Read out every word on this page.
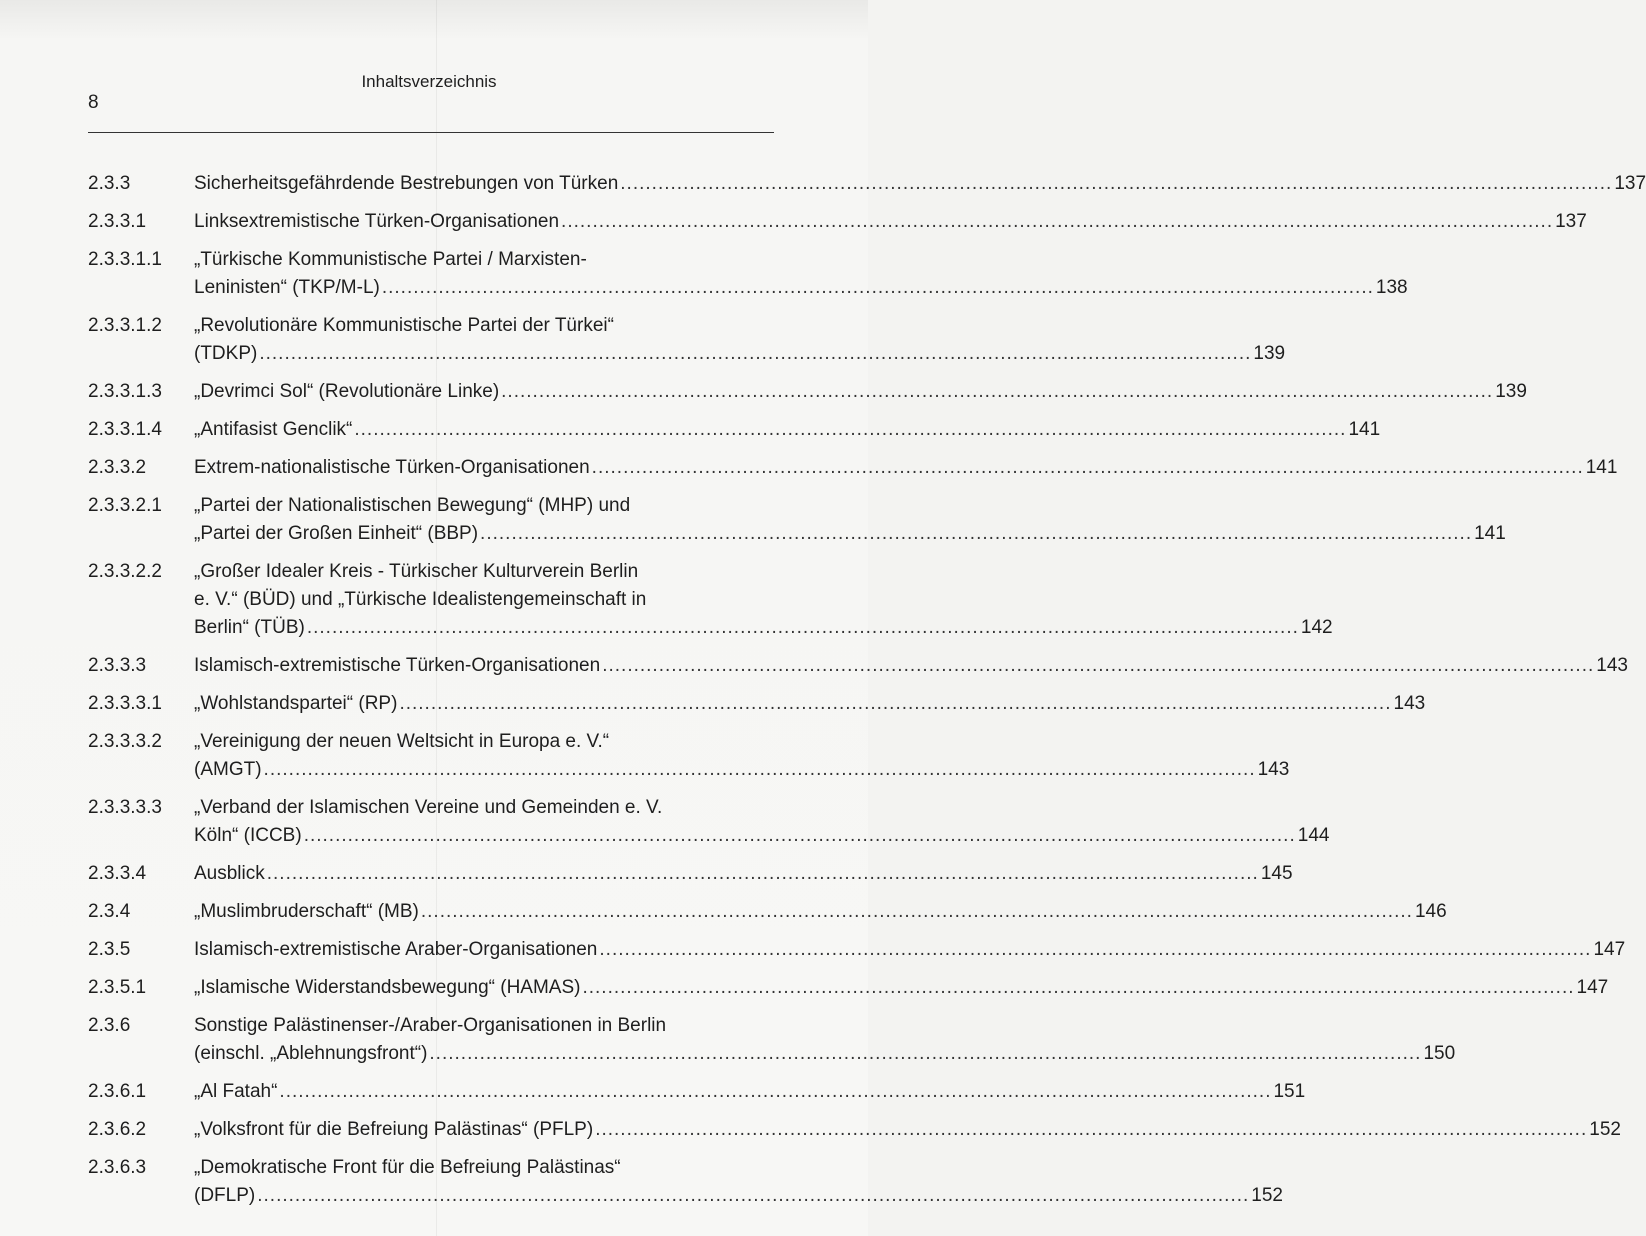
8
Inhaltsverzeichnis
2.3.3	Sicherheitsgefährdende Bestrebungen von Türken .....	137
2.3.3.1	Linksextremistische Türken-Organisationen .....	137
2.3.3.1.1	„Türkische Kommunistische Partei / Marxisten-
Leninisten“ (TKP/M-L) .....	138
2.3.3.1.2	„Revolutionäre Kommunistische Partei der Türkei“
(TDKP) .....	139
2.3.3.1.3	„Devrimci Sol“ (Revolutionäre Linke) .....	139
2.3.3.1.4	„Antifasist Genclik“ .....	141
2.3.3.2	Extrem-nationalistische Türken-Organisationen .....	141
2.3.3.2.1	„Partei der Nationalistischen Bewegung“ (MHP) und
„Partei der Großen Einheit“ (BBP) .....	141
2.3.3.2.2	„Großer Idealer Kreis - Türkischer Kulturverein Berlin
e. V.“ (BÜD) und „Türkische Idealistengemeinschaft in
Berlin“ (TÜB) .....	142
2.3.3.3	Islamisch-extremistische Türken-Organisationen .....	143
2.3.3.3.1	„Wohlstandspartei“ (RP) .....	143
2.3.3.3.2	„Vereinigung der neuen Weltsicht in Europa e. V.“
(AMGT) .....	143
2.3.3.3.3	„Verband der Islamischen Vereine und Gemeinden e. V.
Köln“ (ICCB) .....	144
2.3.3.4	Ausblick .....	145
2.3.4	„Muslimbruderschaft“ (MB) .....	146
2.3.5	Islamisch-extremistische Araber-Organisationen .....	147
2.3.5.1	„Islamische Widerstandsbewegung“ (HAMAS) .....	147
2.3.6	Sonstige Palästinenser-/Araber-Organisationen in Berlin
(einschl. „Ablehnungsfront“) .....	150
2.3.6.1	„Al Fatah“ .....	151
2.3.6.2	„Volksfront für die Befreiung Palästinas“ (PFLP) .....	152
2.3.6.3	„Demokratische Front für die Befreiung Palästinas“
(DFLP) .....	152
